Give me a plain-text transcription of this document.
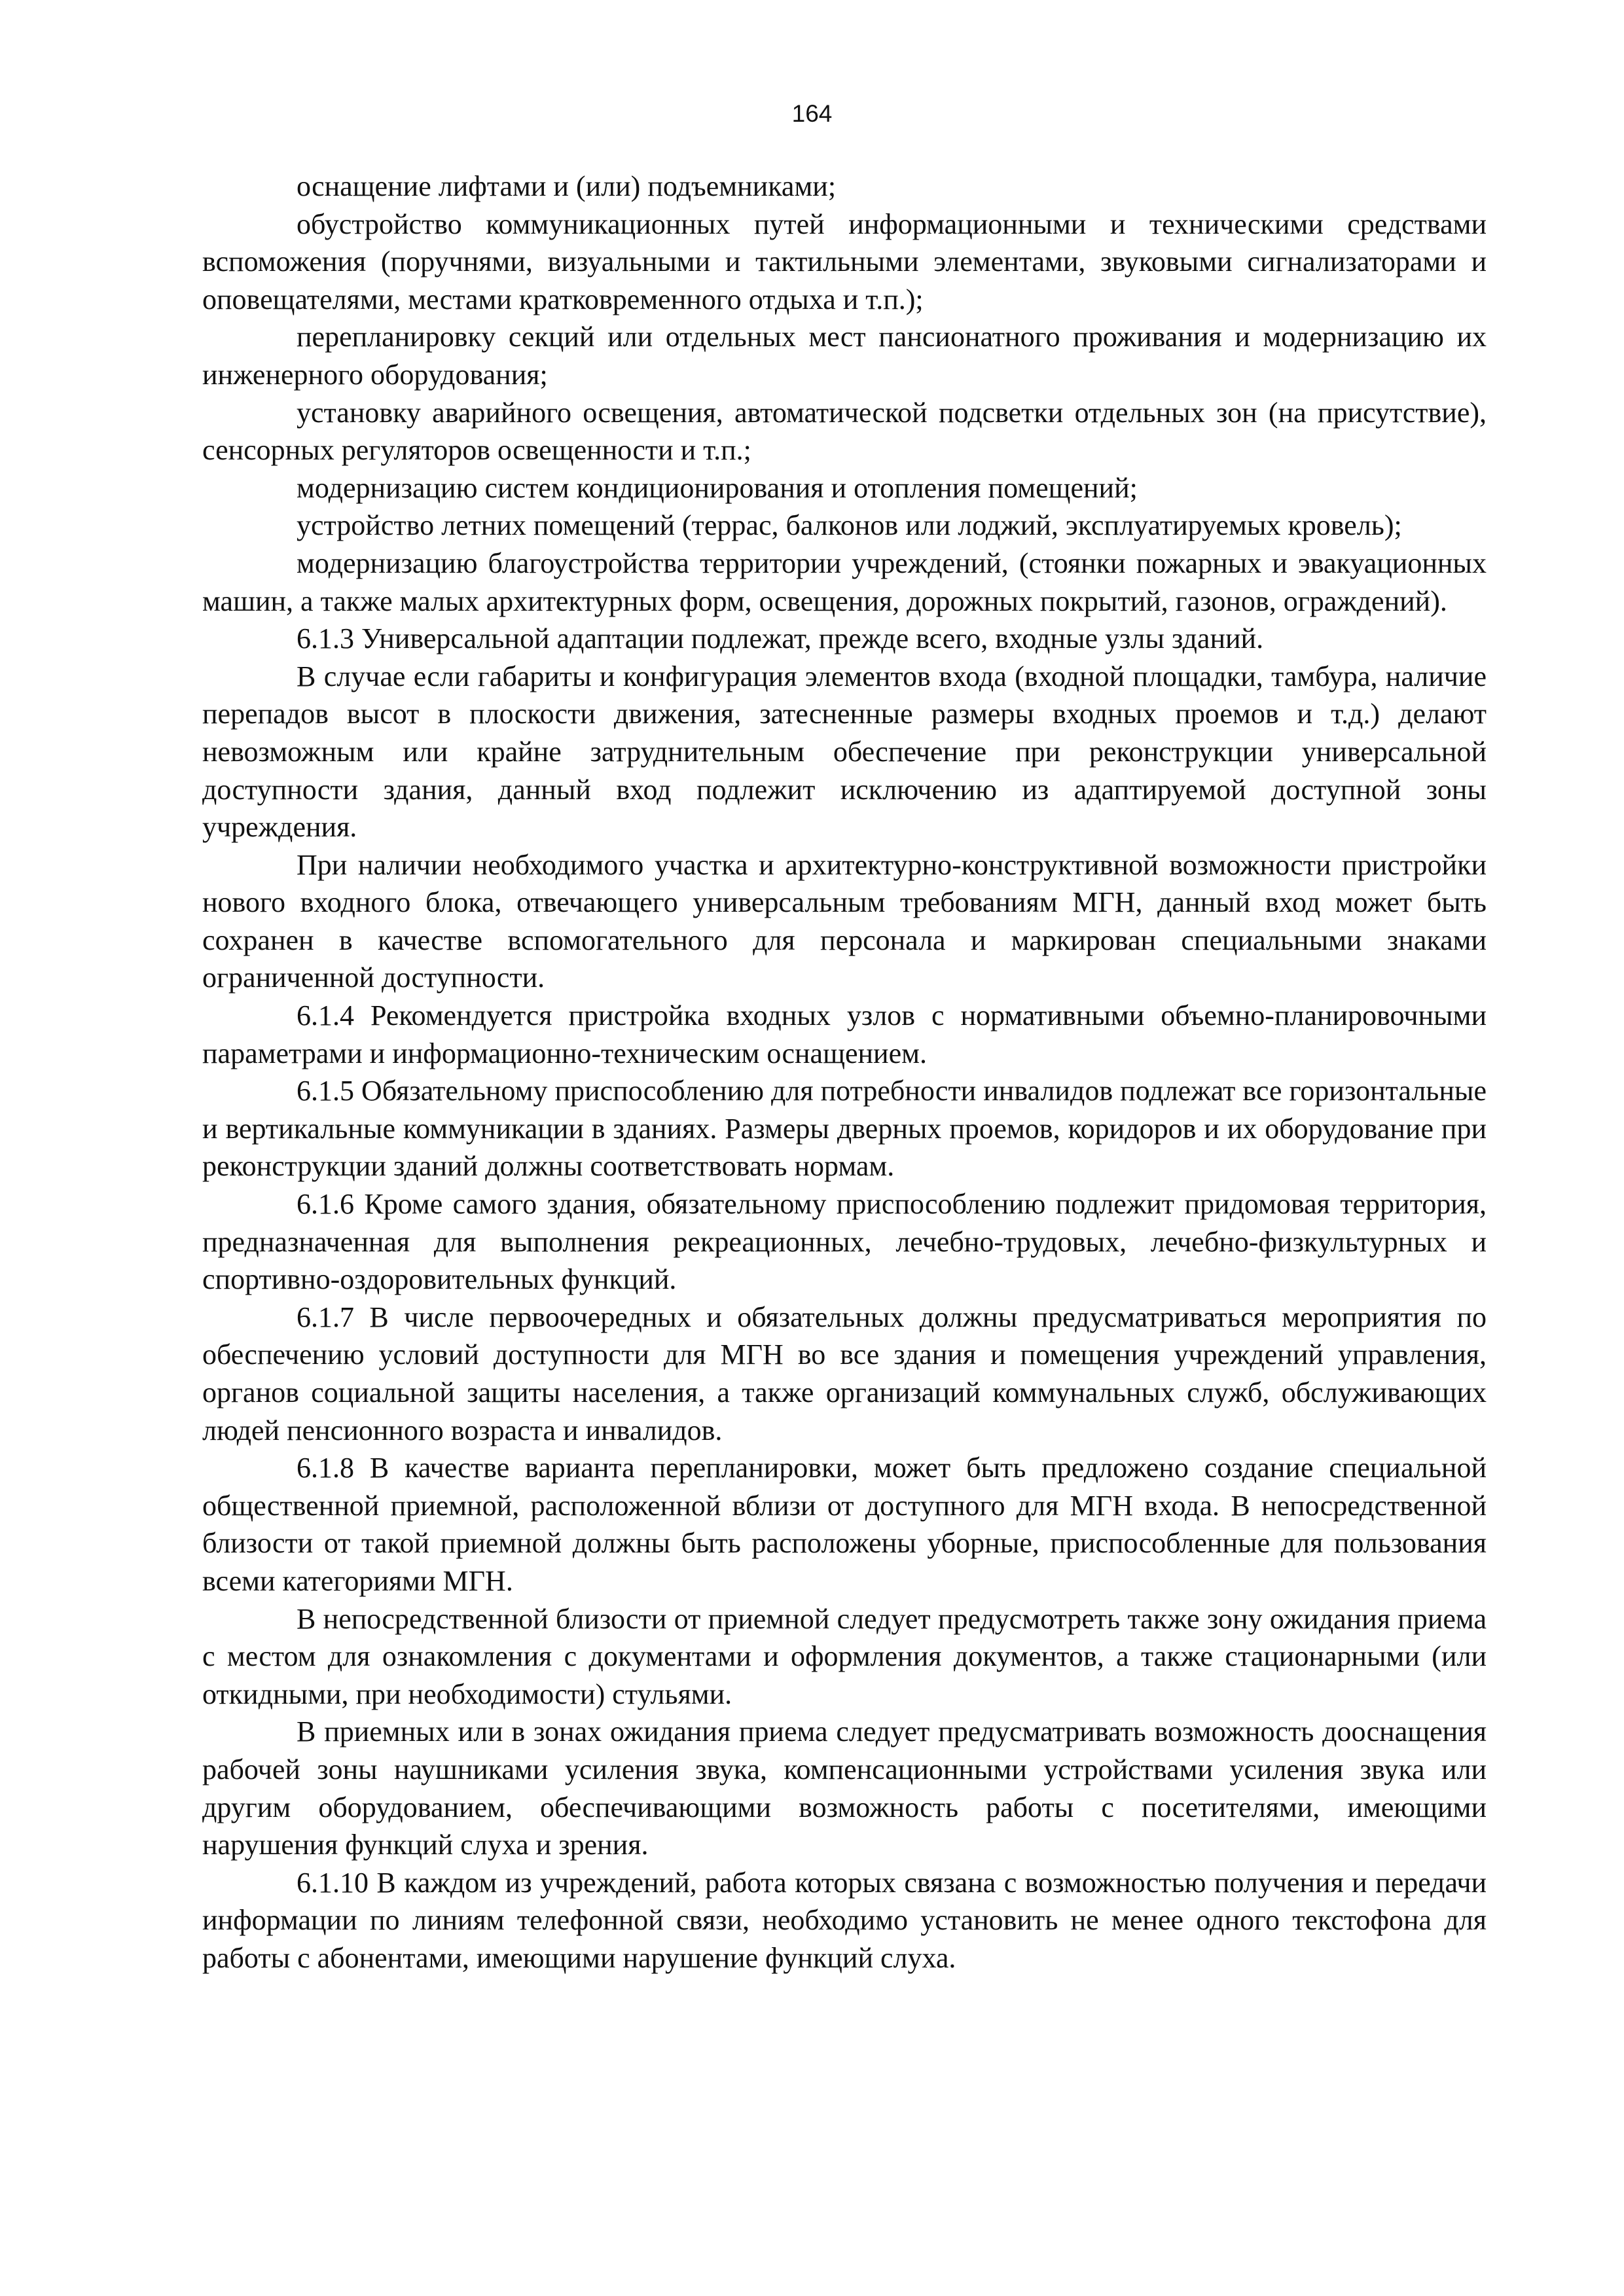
164

оснащение лифтами и (или) подъемниками;

обустройство коммуникационных путей информационными и техническими средствами вспоможения (поручнями, визуальными и тактильными элементами, звуковыми сигнализаторами и оповещателями, местами кратковременного отдыха и т.п.);

перепланировку секций или отдельных мест пансионатного проживания и модернизацию их инженерного оборудования;

установку аварийного освещения, автоматической подсветки отдельных зон (на присутствие), сенсорных регуляторов освещенности и т.п.;

модернизацию систем кондиционирования и отопления помещений;

устройство летних помещений (террас, балконов или лоджий, эксплуатируемых кровель);

модернизацию благоустройства территории учреждений, (стоянки пожарных и эвакуационных машин, а также малых архитектурных форм, освещения, дорожных покрытий, газонов, ограждений).

6.1.3 Универсальной адаптации подлежат, прежде всего, входные узлы зданий.

В случае если габариты и конфигурация элементов входа (входной площадки, тамбура, наличие перепадов высот в плоскости движения, затесненные размеры входных проемов и т.д.) делают невозможным или крайне затруднительным обеспечение при реконструкции универсальной доступности здания, данный вход подлежит исключению из адаптируемой доступной зоны учреждения.

При наличии необходимого участка и архитектурно-конструктивной возможности пристройки нового входного блока, отвечающего универсальным требованиям МГН, данный вход может быть сохранен в качестве вспомогательного для персонала и маркирован специальными знаками ограниченной доступности.

6.1.4 Рекомендуется пристройка входных узлов с нормативными объемно-планировочными параметрами и информационно-техническим оснащением.

6.1.5 Обязательному приспособлению для потребности инвалидов подлежат все горизонтальные и вертикальные коммуникации в зданиях. Размеры дверных проемов, коридоров и их оборудование при реконструкции зданий должны соответствовать нормам.

6.1.6 Кроме самого здания, обязательному приспособлению подлежит придомовая территория, предназначенная для выполнения рекреационных, лечебно-трудовых, лечебно-физкультурных и спортивно-оздоровительных функций.

6.1.7 В числе первоочередных и обязательных должны предусматриваться мероприятия по обеспечению условий доступности для МГН во все здания и помещения учреждений управления, органов социальной защиты населения, а также организаций коммунальных служб, обслуживающих людей пенсионного возраста и инвалидов.

6.1.8 В качестве варианта перепланировки, может быть предложено создание специальной общественной приемной, расположенной вблизи от доступного для МГН входа. В непосредственной близости от такой приемной должны быть расположены уборные, приспособленные для пользования всеми категориями МГН.

В непосредственной близости от приемной следует предусмотреть также зону ожидания приема с местом для ознакомления с документами и оформления документов, а также стационарными (или откидными, при необходимости) стульями.

В приемных или в зонах ожидания приема следует предусматривать возможность дооснащения рабочей зоны наушниками усиления звука, компенсационными устройствами усиления звука или другим оборудованием, обеспечивающими возможность работы с посетителями, имеющими нарушения функций слуха и зрения.

6.1.10 В каждом из учреждений, работа которых связана с возможностью получения и передачи информации по линиям телефонной связи, необходимо установить не менее одного текстофона для работы с абонентами, имеющими нарушение функций слуха.
